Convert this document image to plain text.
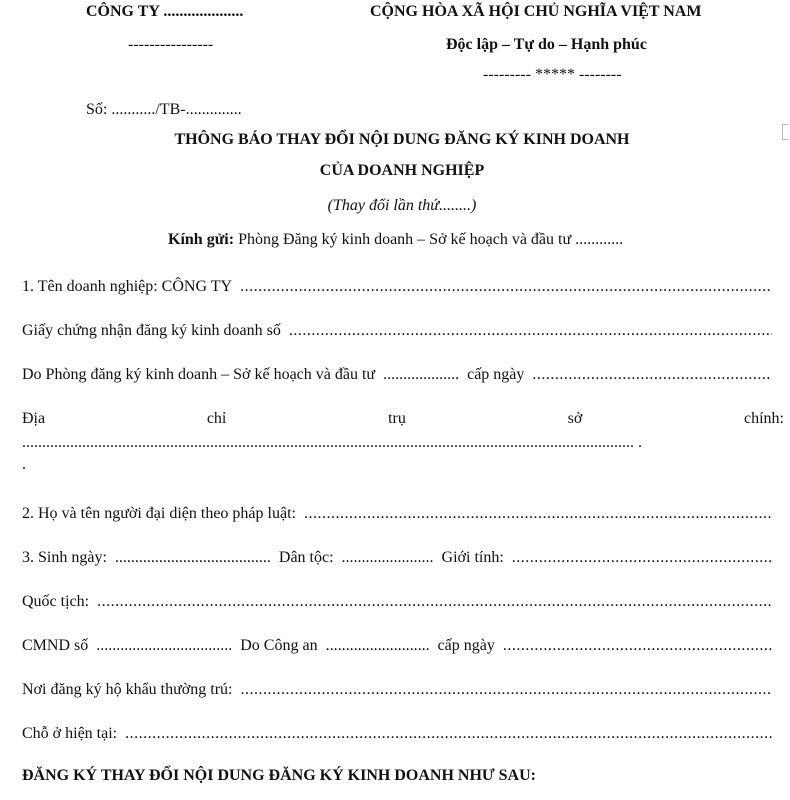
CÔNG TY ....................
----------------
CỘNG HÒA XÃ HỘI CHỦ NGHĨA VIỆT NAM
Độc lập – Tự do – Hạnh phúc
--------- ***** --------
Số: .........../TB-..............
THÔNG BÁO THAY ĐỔI NỘI DUNG ĐĂNG KÝ KINH DOANH
CỦA DOANH NGHIỆP
(Thay đổi lần thứ........)
Kính gửi: Phòng Đăng ký kinh doanh – Sở kế hoạch và đầu tư ............
1. Tên doanh nghiệp: CÔNG TY
.....
Giấy chứng nhận đăng ký kinh doanh số
.....
Do Phòng đăng ký kinh doanh – Sở kế hoạch và đầu tư ................... cấp ngày
.....
Địa	chỉ	trụ	sở	chính:
......................................................................................................................................................... .
.
2. Họ và tên người đại diện theo pháp luật:
.....
3. Sinh ngày: ....................................... Dân tộc: ....................... Giới tính:
.....
Quốc tịch:
.....
CMND số .................................. Do Công an .......................... cấp ngày
.....
Nơi đăng ký hộ khẩu thường trú:
.....
Chỗ ở hiện tại:
.....
ĐĂNG KÝ THAY ĐỔI NỘI DUNG ĐĂNG KÝ KINH DOANH NHƯ SAU:
